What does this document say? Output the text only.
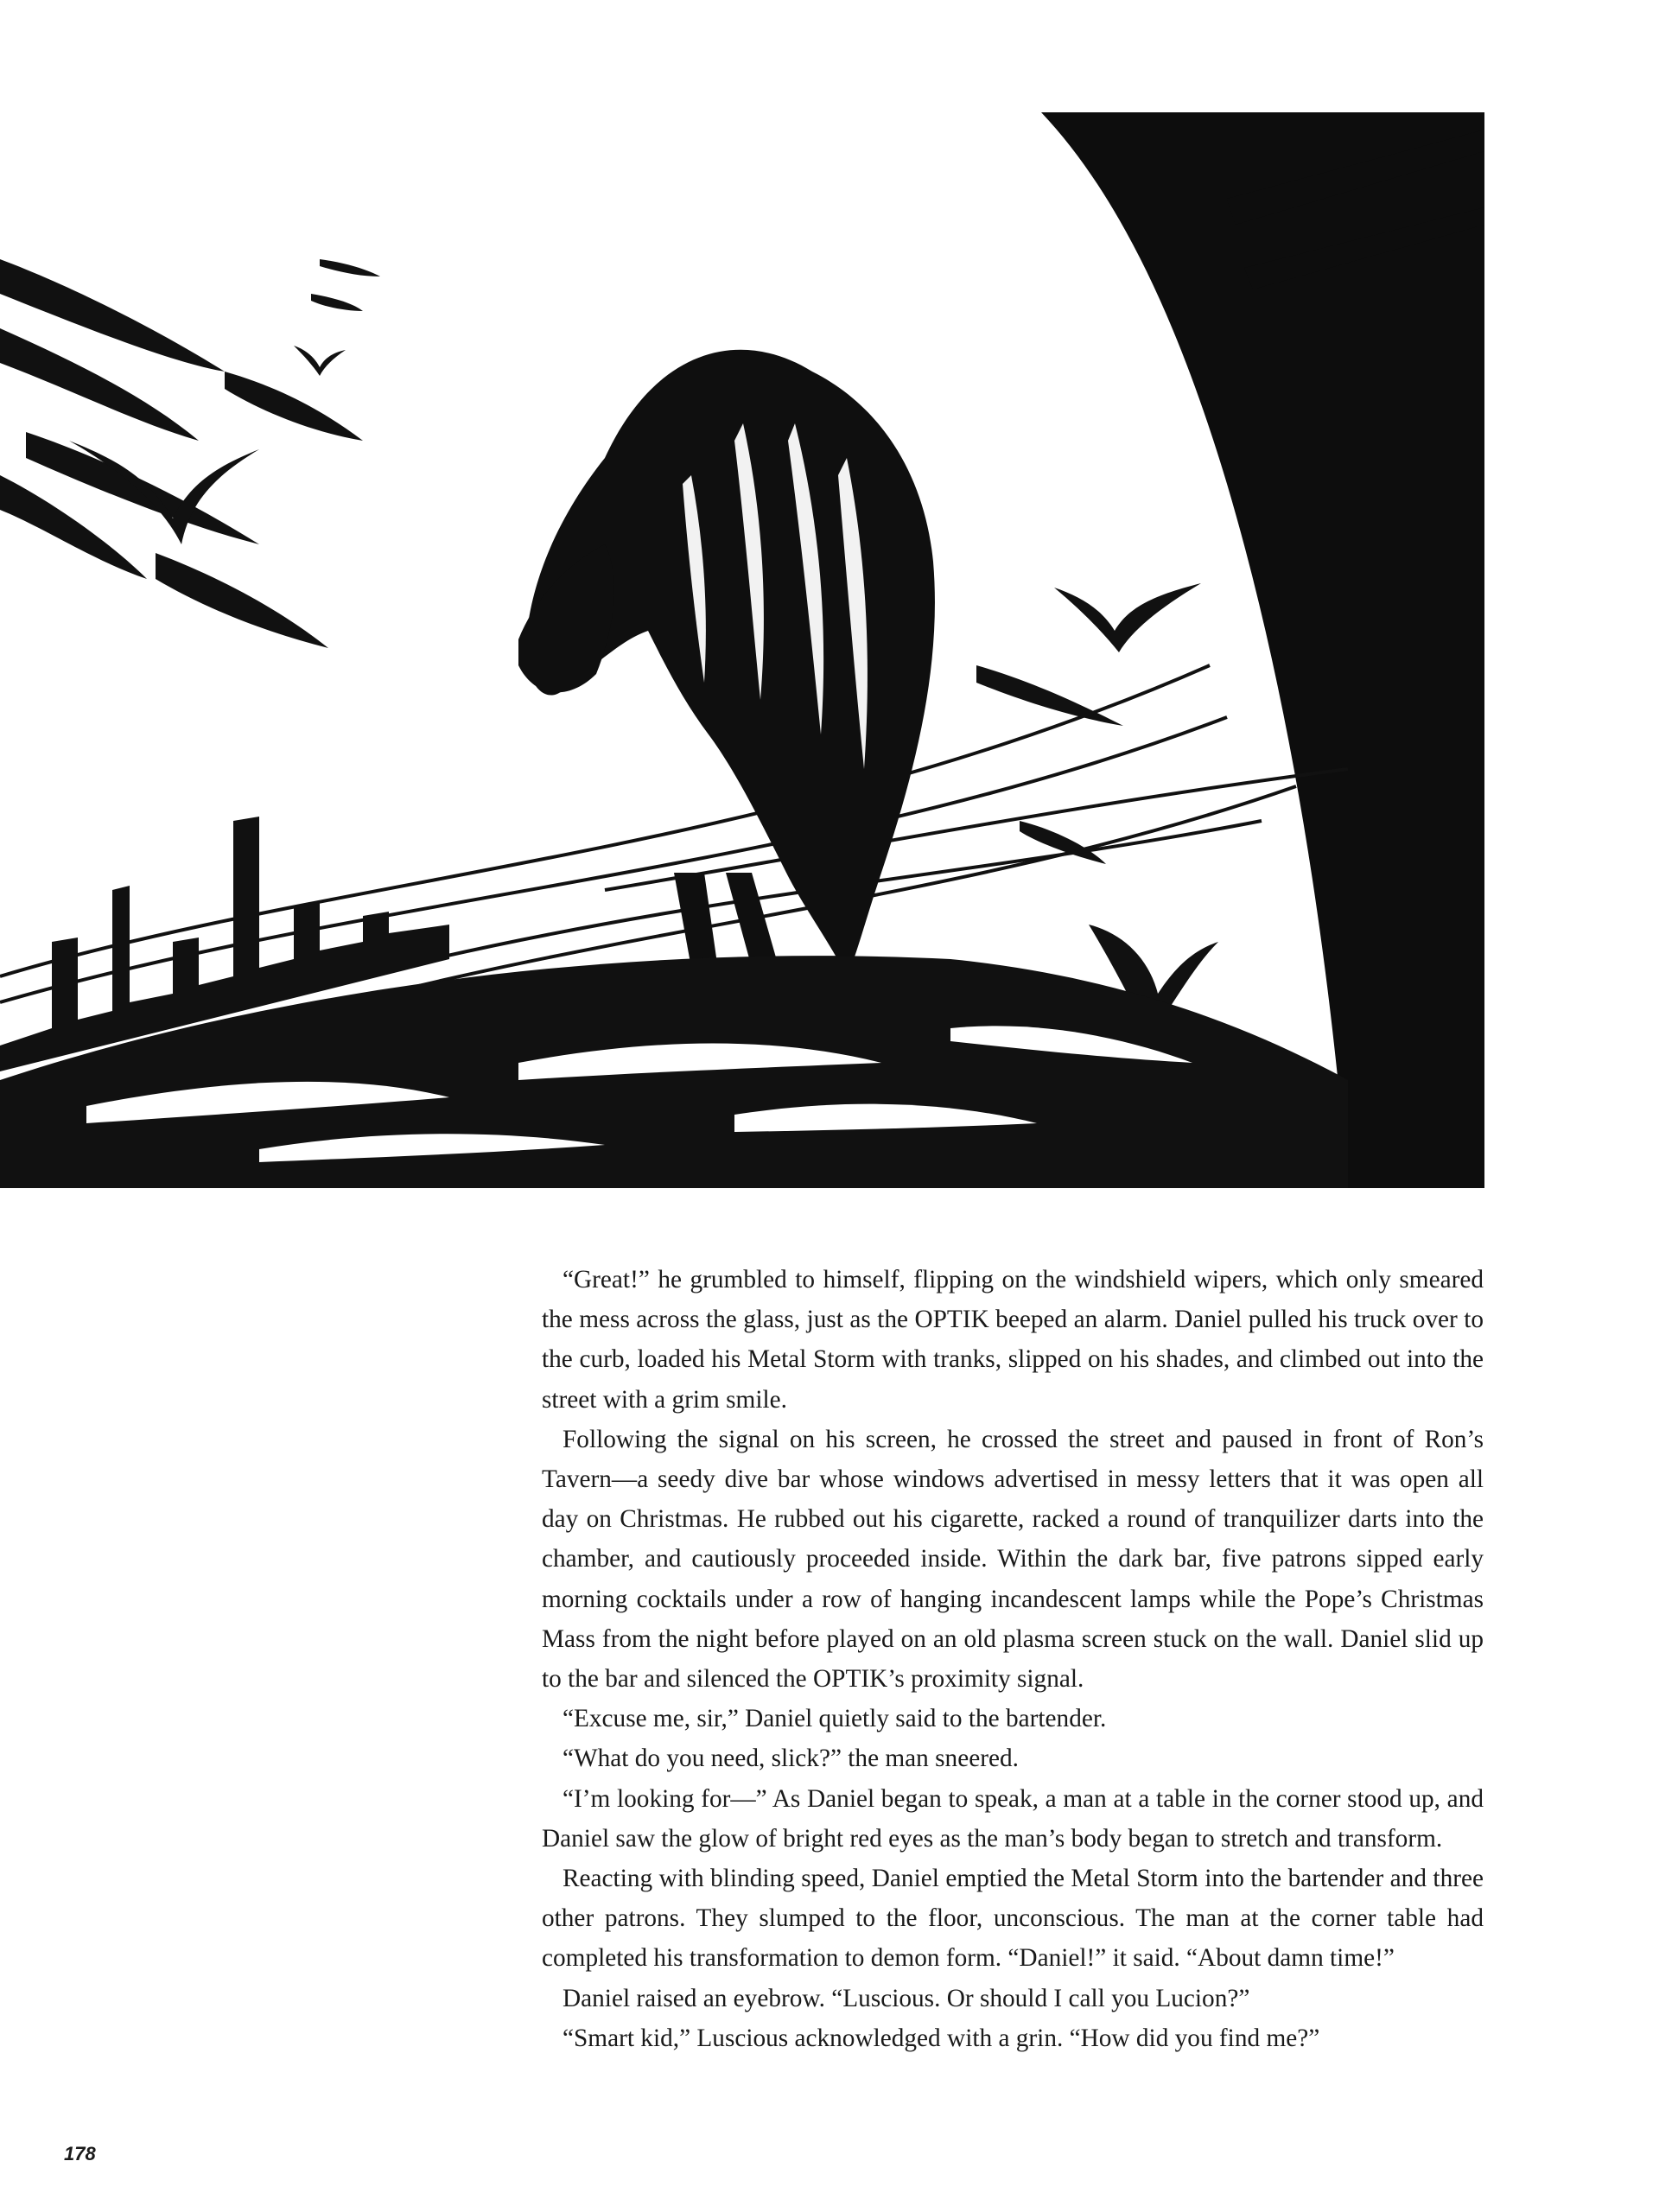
“Great!” he grumbled to himself, flipping on the windshield wipers, which only smeared the mess across the glass, just as the OPTIK beeped an alarm. Daniel pulled his truck over to the curb, loaded his Metal Storm with tranks, slipped on his shades, and climbed out into the street with a grim smile.

Following the signal on his screen, he crossed the street and paused in front of Ron’s Tavern—a seedy dive bar whose windows advertised in messy letters that it was open all day on Christmas. He rubbed out his cigarette, racked a round of tranquilizer darts into the chamber, and cautiously proceeded inside. Within the dark bar, five patrons sipped early morning cocktails under a row of hanging incandescent lamps while the Pope’s Christmas Mass from the night before played on an old plasma screen stuck on the wall. Daniel slid up to the bar and silenced the OPTIK’s proximity signal.

“Excuse me, sir,” Daniel quietly said to the bartender.

“What do you need, slick?” the man sneered.

“I’m looking for—” As Daniel began to speak, a man at a table in the corner stood up, and Daniel saw the glow of bright red eyes as the man’s body began to stretch and transform.

Reacting with blinding speed, Daniel emptied the Metal Storm into the bartender and three other patrons. They slumped to the floor, unconscious. The man at the corner table had completed his transformation to demon form. “Daniel!” it said. “About damn time!”

Daniel raised an eyebrow. “Luscious. Or should I call you Lucion?”

“Smart kid,” Luscious acknowledged with a grin. “How did you find me?”

178
